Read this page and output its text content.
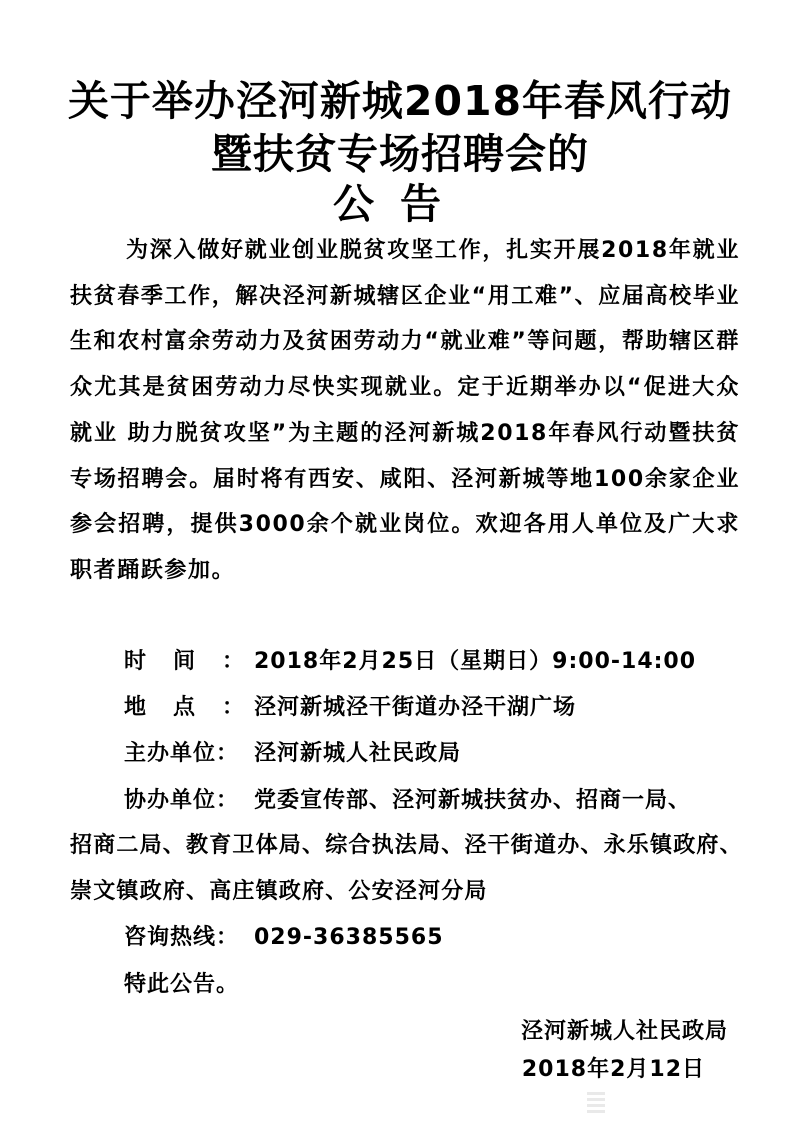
关于举办泾河新城2018年春风行动
暨扶贫专场招聘会的
公告
为深入做好就业创业脱贫攻坚工作，扎实开展2018年就业扶贫春季工作，解决泾河新城辖区企业“用工难”、应届高校毕业生和农村富余劳动力及贫困劳动力“就业难”等问题，帮助辖区群众尤其是贫困劳动力尽快实现就业。定于近期举办以“促进大众就业 助力脱贫攻坚”为主题的泾河新城2018年春风行动暨扶贫专场招聘会。届时将有西安、咸阳、泾河新城等地100余家企业参会招聘，提供3000余个就业岗位。欢迎各用人单位及广大求职者踊跃参加。
时间：2018年2月25日（星期日）9:00-14:00
地点：泾河新城泾干街道办泾干湖广场
主办单位： 泾河新城人社民政局
协办单位： 党委宣传部、泾河新城扶贫办、招商一局、
招商二局、教育卫体局、综合执法局、泾干街道办、永乐镇政府、崇文镇政府、高庄镇政府、公安泾河分局
咨询热线： 029-36385565
特此公告。
泾河新城人社民政局
2018年2月12日
